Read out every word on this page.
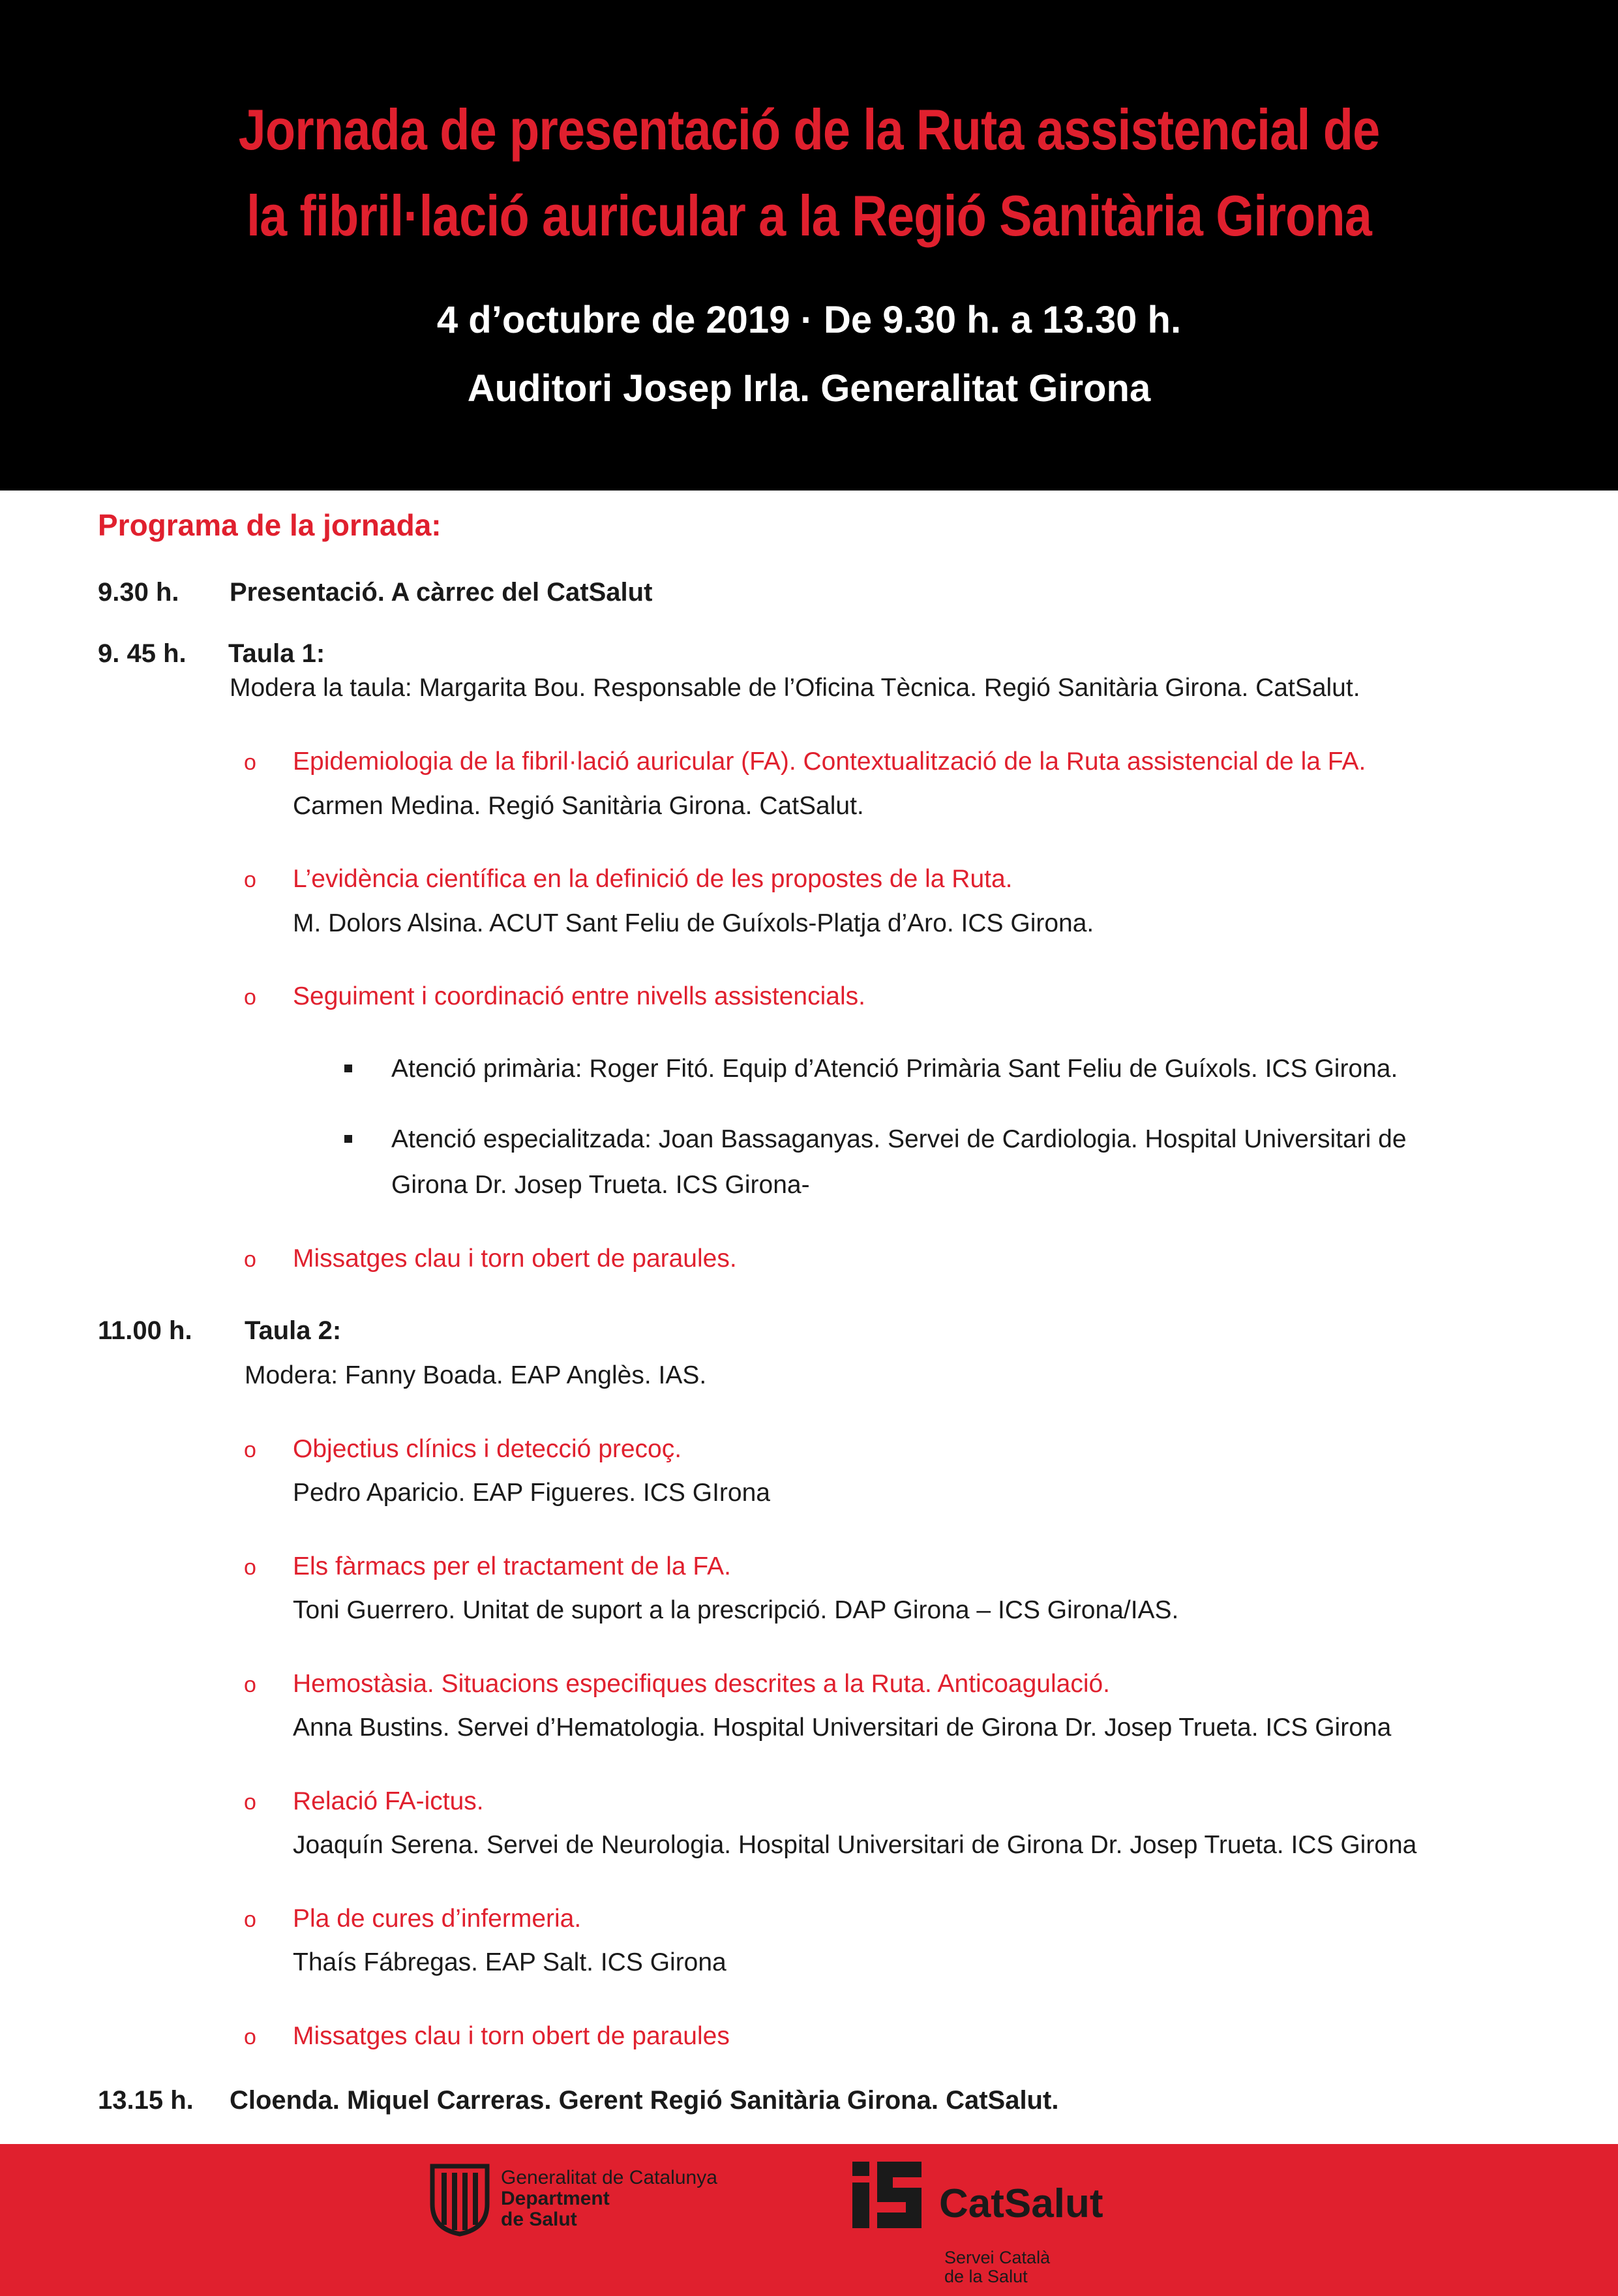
Jornada de presentació de la Ruta assistencial de
la fibril·lació auricular a la Regió Sanitària Girona
4 d’octubre de 2019 · De 9.30 h. a 13.30 h.
Auditori Josep Irla. Generalitat Girona
Programa de la jornada:
9.30 h. Presentació. A càrrec del CatSalut
9. 45 h. Taula 1:
Modera la taula: Margarita Bou. Responsable de l’Oficina Tècnica. Regió Sanitària Girona. CatSalut.
o Epidemiologia de la fibril·lació auricular (FA). Contextualització de la Ruta assistencial de la FA.
Carmen Medina. Regió Sanitària Girona. CatSalut.
o L’evidència científica en la definició de les propostes de la Ruta.
M. Dolors Alsina. ACUT Sant Feliu de Guíxols-Platja d’Aro. ICS Girona.
o Seguiment i coordinació entre nivells assistencials.
Atenció primària: Roger Fitó. Equip d’Atenció Primària Sant Feliu de Guíxols. ICS Girona.
Atenció especialitzada: Joan Bassaganyas. Servei de Cardiologia. Hospital Universitari de
Girona Dr. Josep Trueta. ICS Girona-
o Missatges clau i torn obert de paraules.
11.00 h. Taula 2:
Modera: Fanny Boada. EAP Anglès. IAS.
o Objectius clínics i detecció precoç.
Pedro Aparicio. EAP Figueres. ICS GIrona
o Els fàrmacs per el tractament de la FA.
Toni Guerrero. Unitat de suport a la prescripció. DAP Girona – ICS Girona/IAS.
o Hemostàsia. Situacions especifiques descrites a la Ruta. Anticoagulació.
Anna Bustins. Servei d’Hematologia. Hospital Universitari de Girona Dr. Josep Trueta. ICS Girona
o Relació FA-ictus.
Joaquín Serena. Servei de Neurologia. Hospital Universitari de Girona Dr. Josep Trueta. ICS Girona
o Pla de cures d’infermeria.
Thaís Fábregas. EAP Salt. ICS Girona
o Missatges clau i torn obert de paraules
13.15 h. Cloenda. Miquel Carreras. Gerent Regió Sanitària Girona. CatSalut.
Generalitat de Catalunya
Department
de Salut	CatSalut
Servei Català
de la Salut
